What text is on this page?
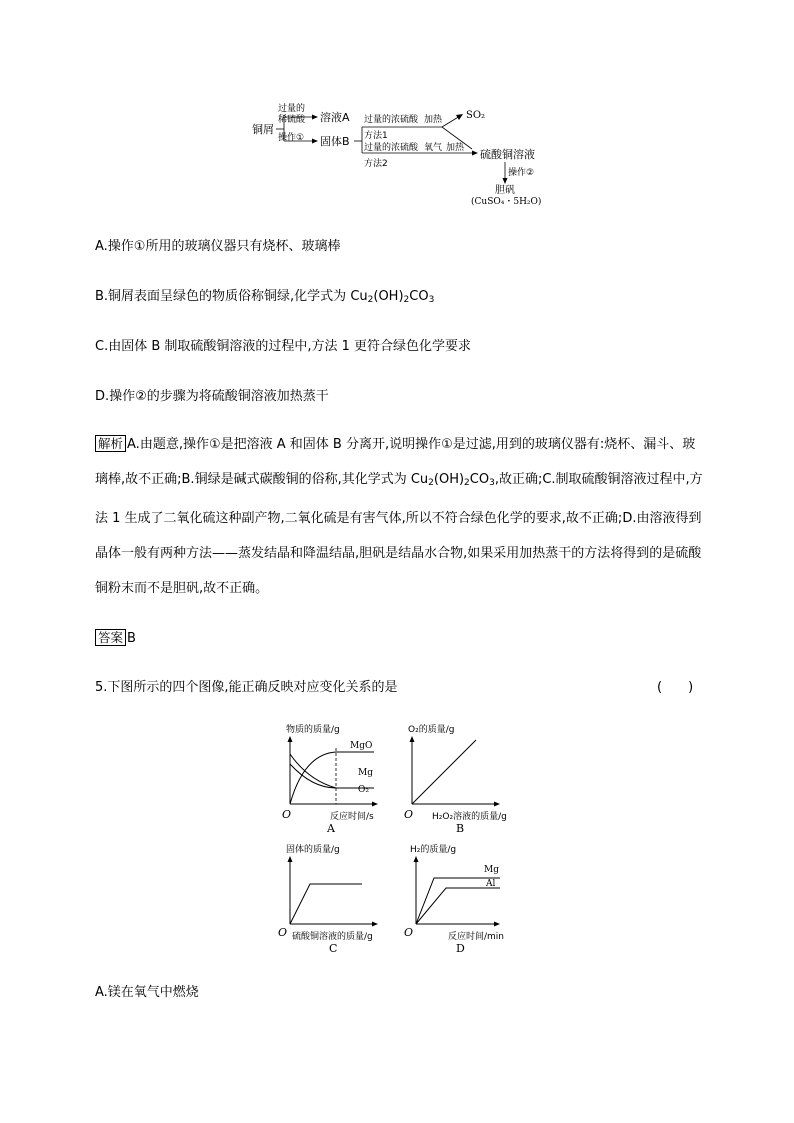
铜屑
过量的
稀硫酸
操作①
溶液A
固体B
过量的浓硫酸 加热
方法1
SO₂
过量的浓硫酸 氧气 加热
方法2
硫酸铜溶液
操作②
胆矾
(CuSO₄・5H₂O)
A.操作①所用的玻璃仪器只有烧杯、玻璃棒
B.铜屑表面呈绿色的物质俗称铜绿,化学式为 $Cu_2(OH)_2CO_3$
C.由固体 B 制取硫酸铜溶液的过程中,方法 1 更符合绿色化学要求
D.操作②的步骤为将硫酸铜溶液加热蒸干
解析 A.由题意,操作①是把溶液 A 和固体 B 分离开,说明操作①是过滤,用到的玻璃仪器有:烧杯、漏斗、玻璃棒,故不正确;B.铜绿是碱式碳酸铜的俗称,其化学式为 $Cu_2(OH)_2CO_3$,故正确;C.制取硫酸铜溶液过程中,方法 1 生成了二氧化硫这种副产物,二氧化硫是有害气体,所以不符合绿色化学的要求,故不正确;D.由溶液得到晶体一般有两种方法——蒸发结晶和降温结晶,胆矾是结晶水合物,如果采用加热蒸干的方法将得到的是硫酸铜粉末而不是胆矾,故不正确。
答案 B
5.下图所示的四个图像,能正确反映对应变化关系的是	(　　)
物质的质量/g
O	反应时间/s
A
MgO
Mg
O₂
O₂的质量/g
O H₂O₂溶液的质量/g
B
固体的质量/g
O 硫酸铜溶液的质量/g
C
H₂的质量/g
O	反应时间/min
D
Mg
Al
A.镁在氧气中燃烧
